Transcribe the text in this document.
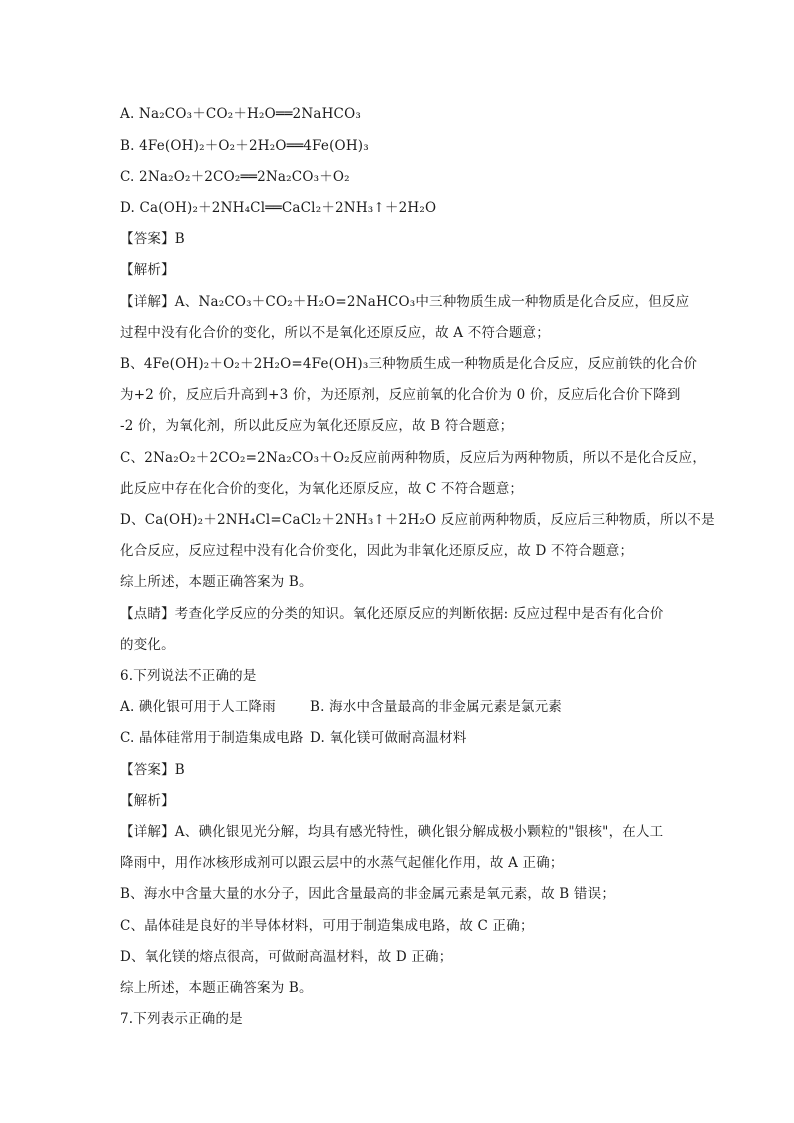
A. Na₂CO₃＋CO₂＋H₂O══2NaHCO₃
B. 4Fe(OH)₂＋O₂＋2H₂O══4Fe(OH)₃
C. 2Na₂O₂＋2CO₂══2Na₂CO₃＋O₂
D. Ca(OH)₂＋2NH₄Cl══CaCl₂＋2NH₃↑＋2H₂O
【答案】B
【解析】
【详解】A、Na₂CO₃＋CO₂＋H₂O=2NaHCO₃中三种物质生成一种物质是化合反应，但反应
过程中没有化合价的变化，所以不是氧化还原反应，故 A 不符合题意；
B、4Fe(OH)₂＋O₂＋2H₂O=4Fe(OH)₃三种物质生成一种物质是化合反应，反应前铁的化合价
为+2 价，反应后升高到+3 价，为还原剂，反应前氧的化合价为 0 价，反应后化合价下降到
-2 价，为氧化剂，所以此反应为氧化还原反应，故 B 符合题意；
C、2Na₂O₂＋2CO₂=2Na₂CO₃＋O₂反应前两种物质，反应后为两种物质，所以不是化合反应，
此反应中存在化合价的变化，为氧化还原反应，故 C 不符合题意；
D、Ca(OH)₂＋2NH₄Cl=CaCl₂＋2NH₃↑＋2H₂O 反应前两种物质，反应后三种物质，所以不是
化合反应，反应过程中没有化合价变化，因此为非氧化还原反应，故 D 不符合题意；
综上所述，本题正确答案为 B。
【点睛】考查化学反应的分类的知识。氧化还原反应的判断依据: 反应过程中是否有化合价
的变化。
6.下列说法不正确的是
A. 碘化银可用于人工降雨	B. 海水中含量最高的非金属元素是氯元素
C. 晶体硅常用于制造集成电路 D. 氧化镁可做耐高温材料
【答案】B
【解析】
【详解】A、碘化银见光分解，均具有感光特性，碘化银分解成极小颗粒的"银核"，在人工
降雨中，用作冰核形成剂可以跟云层中的水蒸气起催化作用，故 A 正确；
B、海水中含量大量的水分子，因此含量最高的非金属元素是氧元素，故 B 错误；
C、晶体硅是良好的半导体材料，可用于制造集成电路，故 C 正确；
D、氧化镁的熔点很高，可做耐高温材料，故 D 正确；
综上所述，本题正确答案为 B。
7.下列表示正确的是
